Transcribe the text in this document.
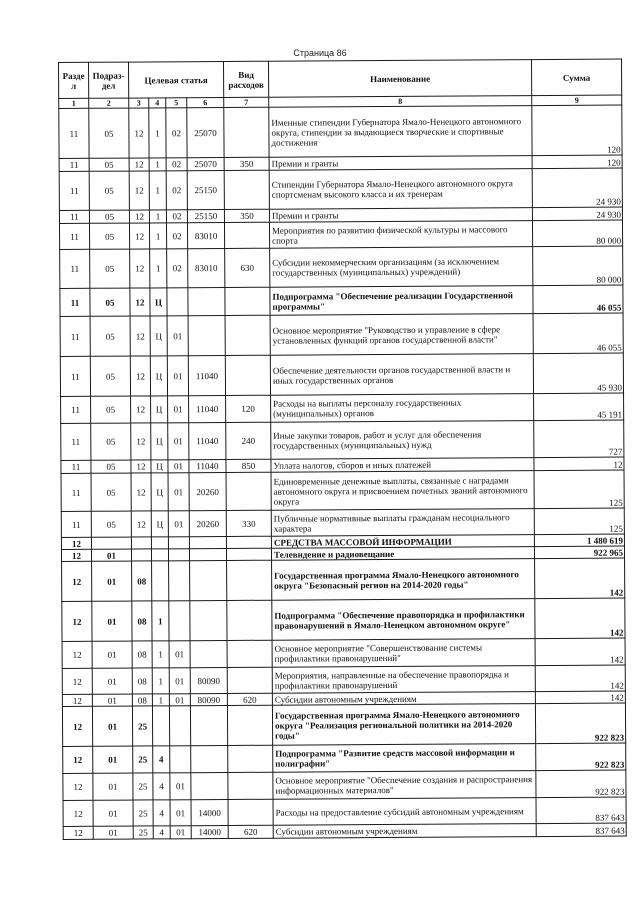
Страница 86
Разде л	Подраз- дел	Целевая статья				Вид расходов	Наименование	Сумма
1	2	3	4	5	6	7	8	9
11	05	12	1	02	25070		Именные стипендии Губернатора Ямало-Ненецкого автономного округа, стипендии за выдающиеся творческие и спортивные достижения	120
11	05	12	1	02	25070	350	Премии и гранты	120
11	05	12	1	02	25150		Стипендии Губернатора Ямало-Ненецкого автономного округа спортсменам высокого класса и их тренерам	24 930
11	05	12	1	02	25150	350	Премии и гранты	24 930
11	05	12	1	02	83010		Мероприятия по развитию физической культуры и массового спорта	80 000
11	05	12	1	02	83010	630	Субсидии некоммерческим организациям (за исключением государственных (муниципальных) учреждений)	80 000
11	05	12	Ц				Подпрограмма "Обеспечение реализации Государственной программы"	46 055
11	05	12	Ц	01			Основное мероприятие "Руководство и управление в сфере установленных функций органов государственной власти"	46 055
11	05	12	Ц	01	11040		Обеспечение деятельности органов государственной власти и иных государственных органов	45 930
11	05	12	Ц	01	11040	120	Расходы на выплаты персоналу государственных (муниципальных) органов	45 191
11	05	12	Ц	01	11040	240	Иные закупки товаров, работ и услуг для обеспечения государственных (муниципальных) нужд	727
11	05	12	Ц	01	11040	850	Уплата налогов, сборов и иных платежей	12
11	05	12	Ц	01	20260		Единовременные денежные выплаты, связанные с наградами автономного округа и присвоением почетных званий автономного округа	125
11	05	12	Ц	01	20260	330	Публичные нормативные выплаты гражданам несоциального характера	125
12							СРЕДСТВА МАССОВОЙ ИНФОРМАЦИИ	1 480 619
12	01						Телевидение и радиовещание	922 965
12	01	08					Государственная программа Ямало-Ненецкого автономного округа "Безопасный регион на 2014-2020 годы"	142
12	01	08	1				Подпрограмма "Обеспечение правопорядка и профилактики правонарушений в Ямало-Ненецком автономном округе"	142
12	01	08	1	01			Основное мероприятие "Совершенствование системы профилактики правонарушений"	142
12	01	08	1	01	80090		Мероприятия, направленные на обеспечение правопорядка и профилактики правонарушений	142
12	01	08	1	01	80090	620	Субсидии автономным учреждениям	142
12	01	25					Государственная программа Ямало-Ненецкого автономного округа "Реализация региональной политики на 2014-2020 годы"	922 823
12	01	25	4				Подпрограмма "Развитие средств массовой информации и полиграфии"	922 823
12	01	25	4	01			Основное мероприятие "Обеспечение создания и распространения информационных материалов"	922 823
12	01	25	4	01	14000		Расходы на предоставление субсидий автономным учреждениям	837 643
12	01	25	4	01	14000	620	Субсидии автономным учреждениям	837 643
